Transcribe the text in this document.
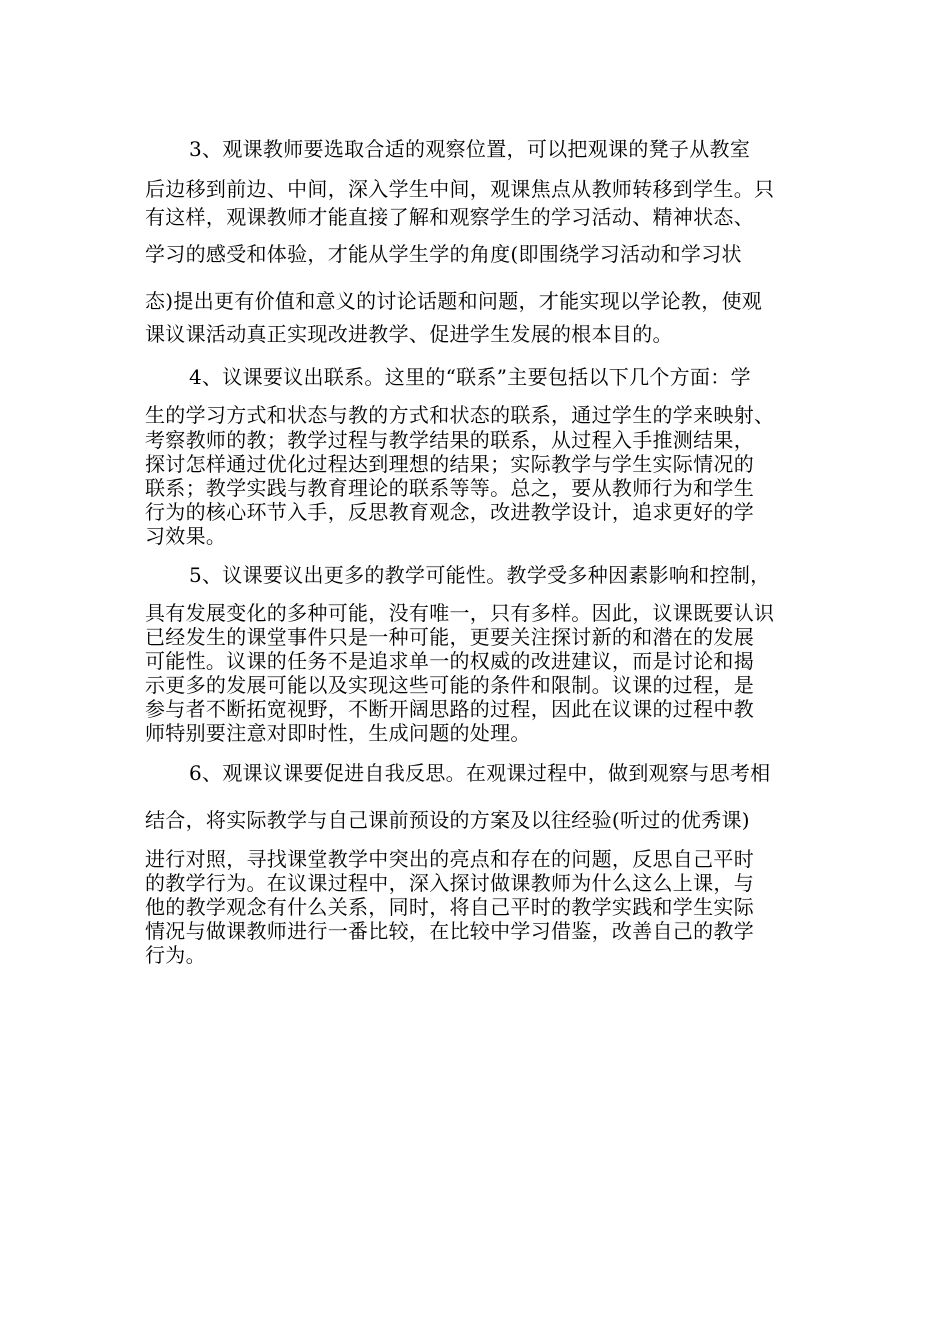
3、观课教师要选取合适的观察位置，可以把观课的凳子从教室
后边移到前边、中间，深入学生中间，观课焦点从教师转移到学生。只
有这样，观课教师才能直接了解和观察学生的学习活动、精神状态、
学习的感受和体验，才能从学生学的角度(即围绕学习活动和学习状
态)提出更有价值和意义的讨论话题和问题，才能实现以学论教，使观
课议课活动真正实现改进教学、促进学生发展的根本目的。
4、议课要议出联系。这里的“联系”主要包括以下几个方面：学
生的学习方式和状态与教的方式和状态的联系，通过学生的学来映射、
考察教师的教；教学过程与教学结果的联系，从过程入手推测结果，
探讨怎样通过优化过程达到理想的结果；实际教学与学生实际情况的
联系；教学实践与教育理论的联系等等。总之，要从教师行为和学生
行为的核心环节入手，反思教育观念，改进教学设计，追求更好的学
习效果。
5、议课要议出更多的教学可能性。教学受多种因素影响和控制，
具有发展变化的多种可能，没有唯一，只有多样。因此，议课既要认识
已经发生的课堂事件只是一种可能，更要关注探讨新的和潜在的发展
可能性。议课的任务不是追求单一的权威的改进建议，而是讨论和揭
示更多的发展可能以及实现这些可能的条件和限制。议课的过程，是
参与者不断拓宽视野，不断开阔思路的过程，因此在议课的过程中教
师特别要注意对即时性，生成问题的处理。
6、观课议课要促进自我反思。在观课过程中，做到观察与思考相
结合，将实际教学与自己课前预设的方案及以往经验(听过的优秀课)
进行对照，寻找课堂教学中突出的亮点和存在的问题，反思自己平时
的教学行为。在议课过程中，深入探讨做课教师为什么这么上课，与
他的教学观念有什么关系，同时，将自己平时的教学实践和学生实际
情况与做课教师进行一番比较，在比较中学习借鉴，改善自己的教学
行为。
